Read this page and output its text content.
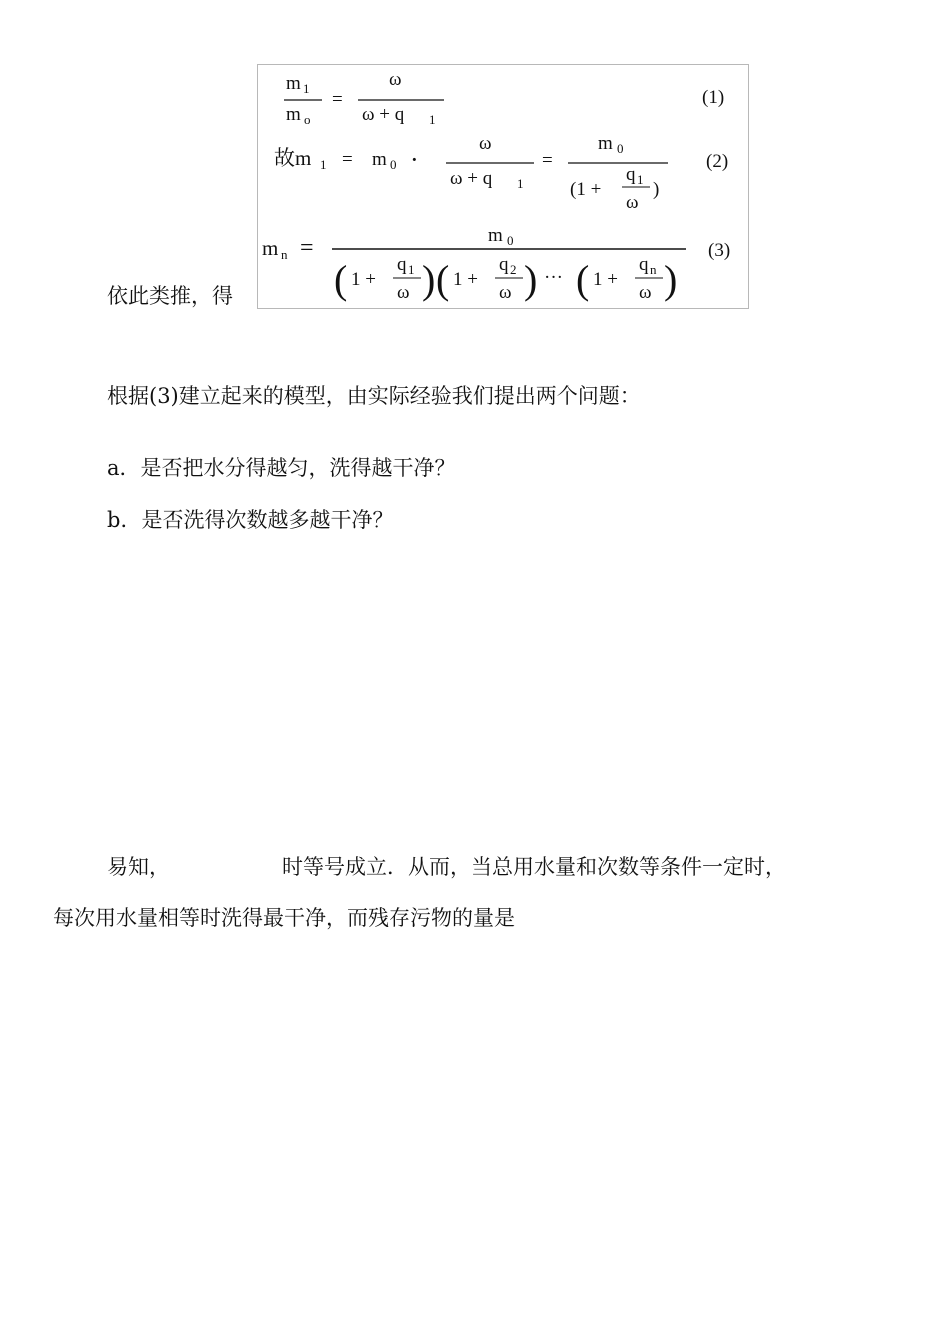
依此类推，得
m 1
m o
=
ω
ω + q 1
(1)
故m 1 = m 0 ·
ω
ω + q 1
=
m 0
(1 +
q 1
ω
)
(2)
m n =	m 0
( 1 +
q 1
ω ) ( 1 +
q 2
ω ) ··· ( 1 +
q n
ω )
(3)
根据(3)建立起来的模型，由实际经验我们提出两个问题：
a．是否把水分得越匀，洗得越干净？
b．是否洗得次数越多越干净？
易知，	时等号成立．从而，当总用水量和次数等条件一定时，
每次用水量相等时洗得最干净，而残存污物的量是
